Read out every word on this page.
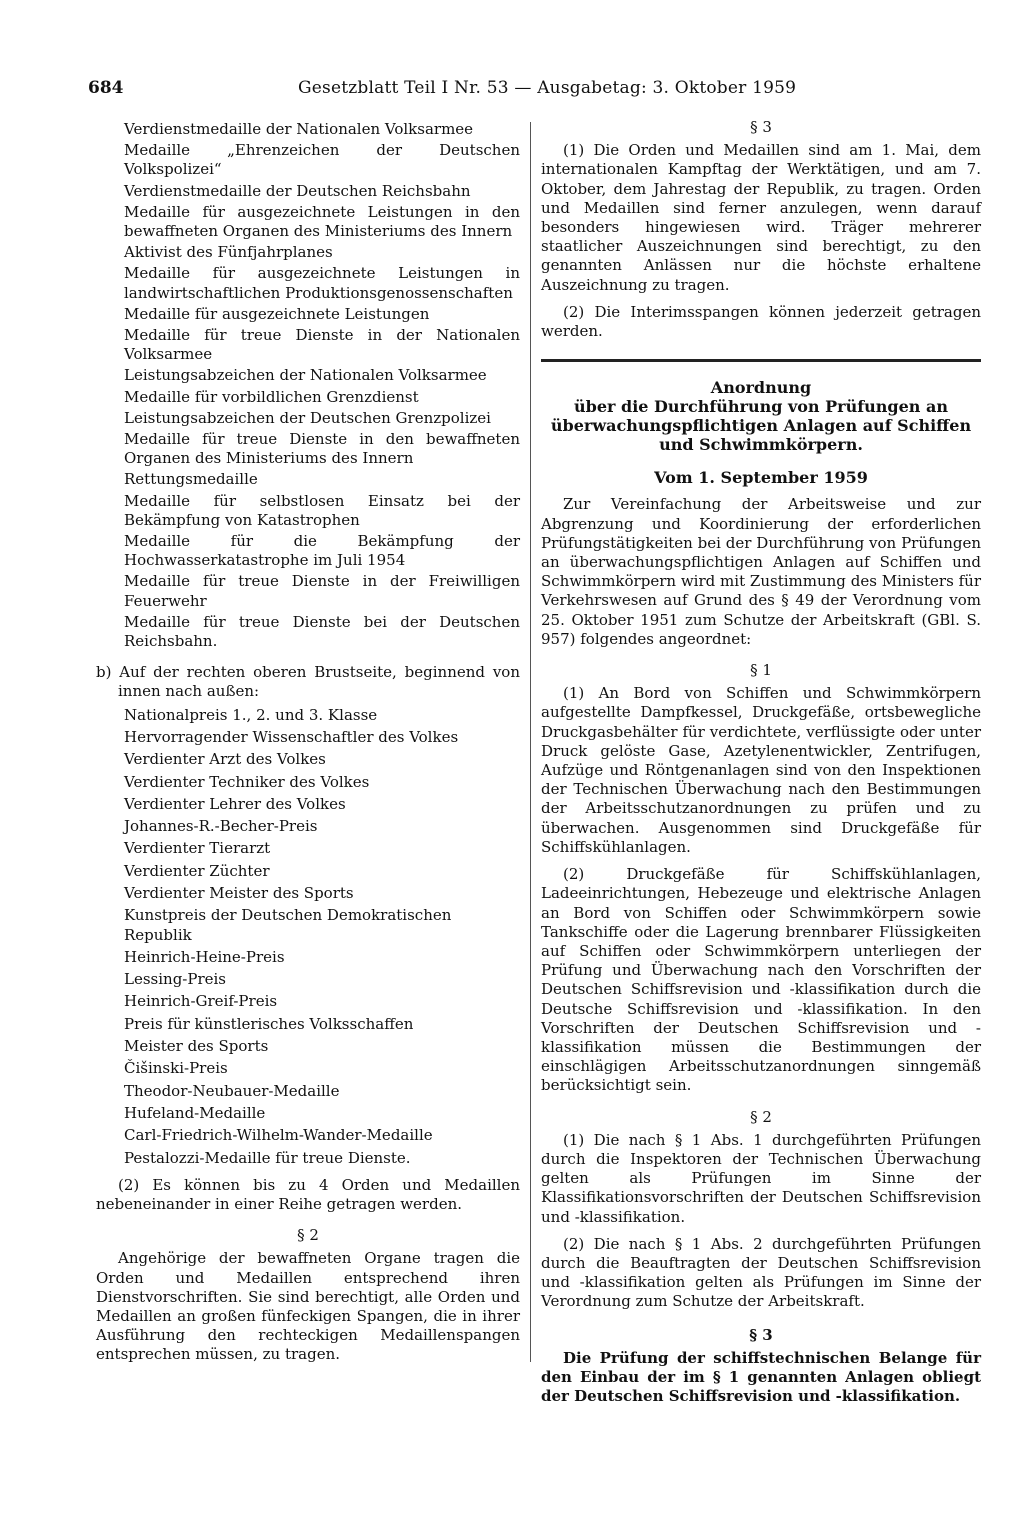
684	Gesetzblatt Teil I Nr. 53 — Ausgabetag: 3. Oktober 1959
Verdienstmedaille der Nationalen Volksarmee
Medaille „Ehrenzeichen der Deutschen Volkspolizei“
Verdienstmedaille der Deutschen Reichsbahn
Medaille für ausgezeichnete Leistungen in den bewaffneten Organen des Ministeriums des Innern
Aktivist des Fünfjahrplanes
Medaille für ausgezeichnete Leistungen in landwirtschaftlichen Produktionsgenossenschaften
Medaille für ausgezeichnete Leistungen
Medaille für treue Dienste in der Nationalen Volksarmee
Leistungsabzeichen der Nationalen Volksarmee
Medaille für vorbildlichen Grenzdienst
Leistungsabzeichen der Deutschen Grenzpolizei
Medaille für treue Dienste in den bewaffneten Organen des Ministeriums des Innern
Rettungsmedaille
Medaille für selbstlosen Einsatz bei der Bekämpfung von Katastrophen
Medaille für die Bekämpfung der Hochwasserkatastrophe im Juli 1954
Medaille für treue Dienste in der Freiwilligen Feuerwehr
Medaille für treue Dienste bei der Deutschen Reichsbahn.

b) Auf der rechten oberen Brustseite, beginnend von innen nach außen:

Nationalpreis 1., 2. und 3. Klasse
Hervorragender Wissenschaftler des Volkes
Verdienter Arzt des Volkes
Verdienter Techniker des Volkes
Verdienter Lehrer des Volkes
Johannes-R.-Becher-Preis
Verdienter Tierarzt
Verdienter Züchter
Verdienter Meister des Sports
Kunstpreis der Deutschen Demokratischen Republik
Heinrich-Heine-Preis
Lessing-Preis
Heinrich-Greif-Preis
Preis für künstlerisches Volksschaffen
Meister des Sports
Čišinski-Preis
Theodor-Neubauer-Medaille
Hufeland-Medaille
Carl-Friedrich-Wilhelm-Wander-Medaille
Pestalozzi-Medaille für treue Dienste.

(2) Es können bis zu 4 Orden und Medaillen nebeneinander in einer Reihe getragen werden.

§ 2

Angehörige der bewaffneten Organe tragen die Orden und Medaillen entsprechend ihren Dienstvorschriften. Sie sind berechtigt, alle Orden und Medaillen an großen fünfeckigen Spangen, die in ihrer Ausführung den rechteckigen Medaillenspangen entsprechen müssen, zu tragen.

§ 3

(1) Die Orden und Medaillen sind am 1. Mai, dem internationalen Kampftag der Werktätigen, und am 7. Oktober, dem Jahrestag der Republik, zu tragen. Orden und Medaillen sind ferner anzulegen, wenn darauf besonders hingewiesen wird. Träger mehrerer staatlicher Auszeichnungen sind berechtigt, zu den genannten Anlässen nur die höchste erhaltene Auszeichnung zu tragen.

(2) Die Interimsspangen können jederzeit getragen werden.

Anordnung

über die Durchführung von Prüfungen an überwachungspflichtigen Anlagen auf Schiffen und Schwimmkörpern.

Vom 1. September 1959

Zur Vereinfachung der Arbeitsweise und zur Abgrenzung und Koordinierung der erforderlichen Prüfungstätigkeiten bei der Durchführung von Prüfungen an überwachungspflichtigen Anlagen auf Schiffen und Schwimmkörpern wird mit Zustimmung des Ministers für Verkehrswesen auf Grund des § 49 der Verordnung vom 25. Oktober 1951 zum Schutze der Arbeitskraft (GBl. S. 957) folgendes angeordnet:

§ 1

(1) An Bord von Schiffen und Schwimmkörpern aufgestellte Dampfkessel, Druckgefäße, ortsbewegliche Druckgasbehälter für verdichtete, verflüssigte oder unter Druck gelöste Gase, Azetylenentwickler, Zentrifugen, Aufzüge und Röntgenanlagen sind von den Inspektionen der Technischen Überwachung nach den Bestimmungen der Arbeitsschutzanordnungen zu prüfen und zu überwachen. Ausgenommen sind Druckgefäße für Schiffskühlanlagen.

(2) Druckgefäße für Schiffskühlanlagen, Ladeeinrichtungen, Hebezeuge und elektrische Anlagen an Bord von Schiffen oder Schwimmkörpern sowie Tankschiffe oder die Lagerung brennbarer Flüssigkeiten auf Schiffen oder Schwimmkörpern unterliegen der Prüfung und Überwachung nach den Vorschriften der Deutschen Schiffsrevision und -klassifikation durch die Deutsche Schiffsrevision und -klassifikation. In den Vorschriften der Deutschen Schiffsrevision und -klassifikation müssen die Bestimmungen der einschlägigen Arbeitsschutzanordnungen sinngemäß berücksichtigt sein.

§ 2

(1) Die nach § 1 Abs. 1 durchgeführten Prüfungen durch die Inspektoren der Technischen Überwachung gelten als Prüfungen im Sinne der Klassifikationsvorschriften der Deutschen Schiffsrevision und -klassifikation.

(2) Die nach § 1 Abs. 2 durchgeführten Prüfungen durch die Beauftragten der Deutschen Schiffsrevision und -klassifikation gelten als Prüfungen im Sinne der Verordnung zum Schutze der Arbeitskraft.

§ 3

Die Prüfung der schiffstechnischen Belange für den Einbau der im § 1 genannten Anlagen obliegt der Deutschen Schiffsrevision und -klassifikation.
